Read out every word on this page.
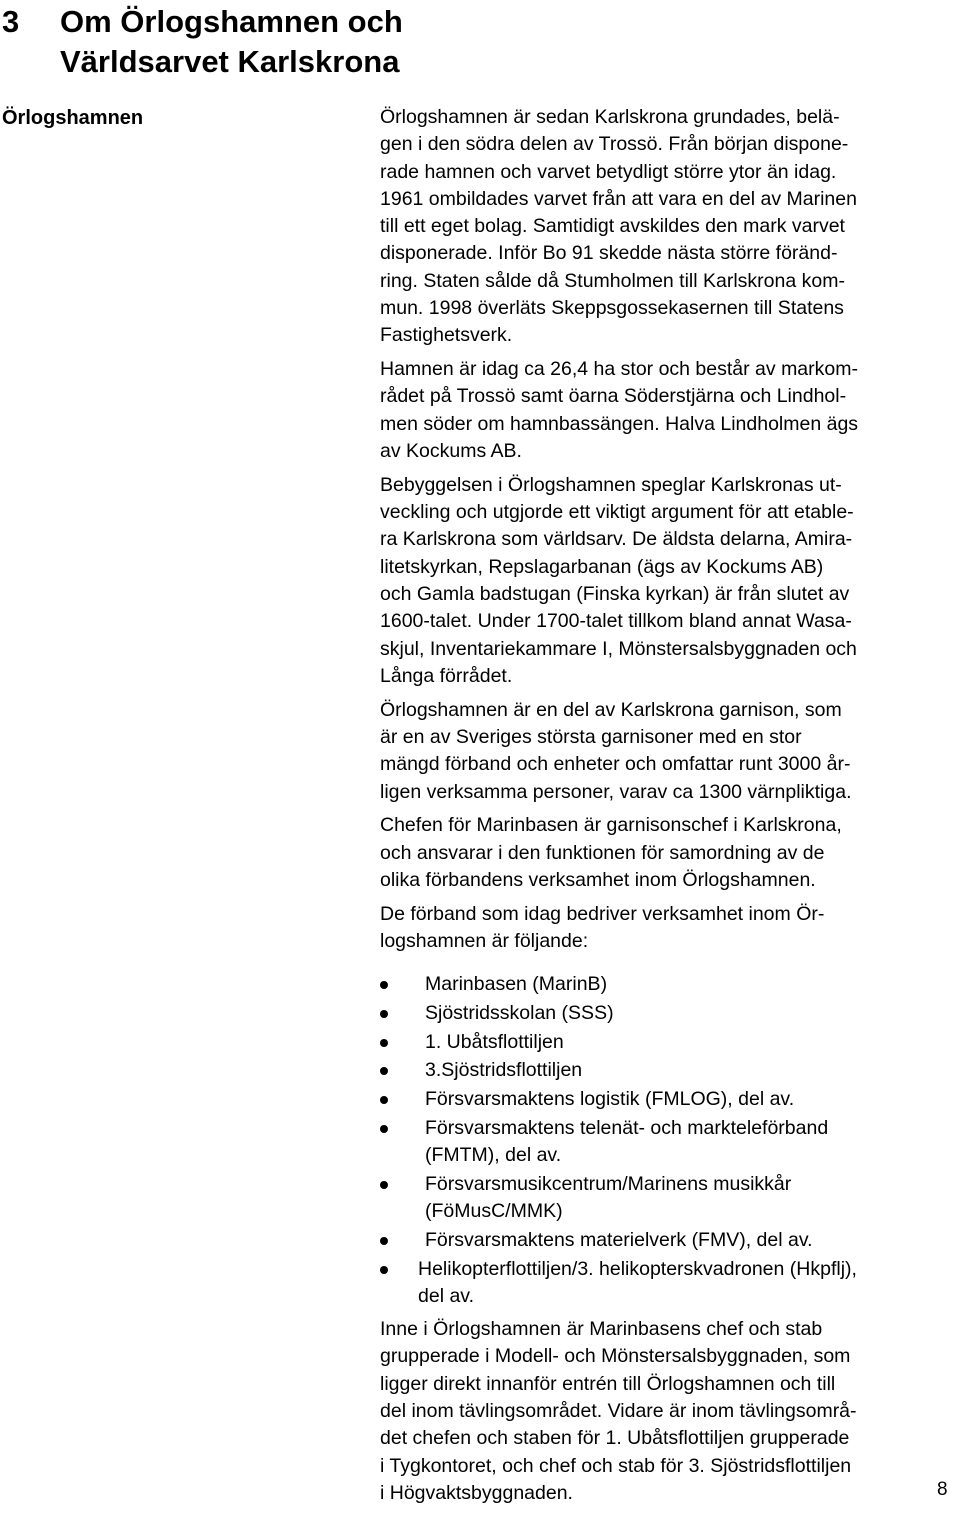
3 Om Örlogshamnen och
Världsarvet Karlskrona
Örlogshamnen	Örlogshamnen är sedan Karlskrona grundades, belä-
gen i den södra delen av Trossö. Från början dispone-
rade hamnen och varvet betydligt större ytor än idag.
1961 ombildades varvet från att vara en del av Marinen
till ett eget bolag. Samtidigt avskildes den mark varvet
disponerade. Inför Bo 91 skedde nästa större föränd-
ring. Staten sålde då Stumholmen till Karlskrona kom-
mun. 1998 överläts Skeppsgossekasernen till Statens
Fastighetsverk.

Hamnen är idag ca 26,4 ha stor och består av markom-
rådet på Trossö samt öarna Söderstjärna och Lindhol-
men söder om hamnbassängen. Halva Lindholmen ägs
av Kockums AB.

Bebyggelsen i Örlogshamnen speglar Karlskronas ut-
veckling och utgjorde ett viktigt argument för att etable-
ra Karlskrona som världsarv. De äldsta delarna, Amira-
litetskyrkan, Repslagarbanan (ägs av Kockums AB)
och Gamla badstugan (Finska kyrkan) är från slutet av
1600-talet. Under 1700-talet tillkom bland annat Wasa-
skjul, Inventariekammare I, Mönstersalsbyggnaden och
Långa förrådet.

Örlogshamnen är en del av Karlskrona garnison, som
är en av Sveriges största garnisoner med en stor
mängd förband och enheter och omfattar runt 3000 år-
ligen verksamma personer, varav ca 1300 värnpliktiga.

Chefen för Marinbasen är garnisonschef i Karlskrona,
och ansvarar i den funktionen för samordning av de
olika förbandens verksamhet inom Örlogshamnen.

De förband som idag bedriver verksamhet inom Ör-
logshamnen är följande:

Marinbasen (MarinB)
Sjöstridsskolan (SSS)
1. Ubåtsflottiljen
3.Sjöstridsflottiljen
Försvarsmaktens logistik (FMLOG), del av.
Försvarsmaktens telenät- och markteleförband
(FMTM), del av.
Försvarsmusikcentrum/Marinens musikkår
(FöMusC/MMK)
Försvarsmaktens materielverk (FMV), del av.
Helikopterflottiljen/3. helikopterskvadronen (Hkpflj),
del av.

Inne i Örlogshamnen är Marinbasens chef och stab
grupperade i Modell- och Mönstersalsbyggnaden, som
ligger direkt innanför entrén till Örlogshamnen och till
del inom tävlingsområdet. Vidare är inom tävlingsområ-
det chefen och staben för 1. Ubåtsflottiljen grupperade
i Tygkontoret, och chef och stab för 3. Sjöstridsflottiljen
i Högvaktsbyggnaden.	8
